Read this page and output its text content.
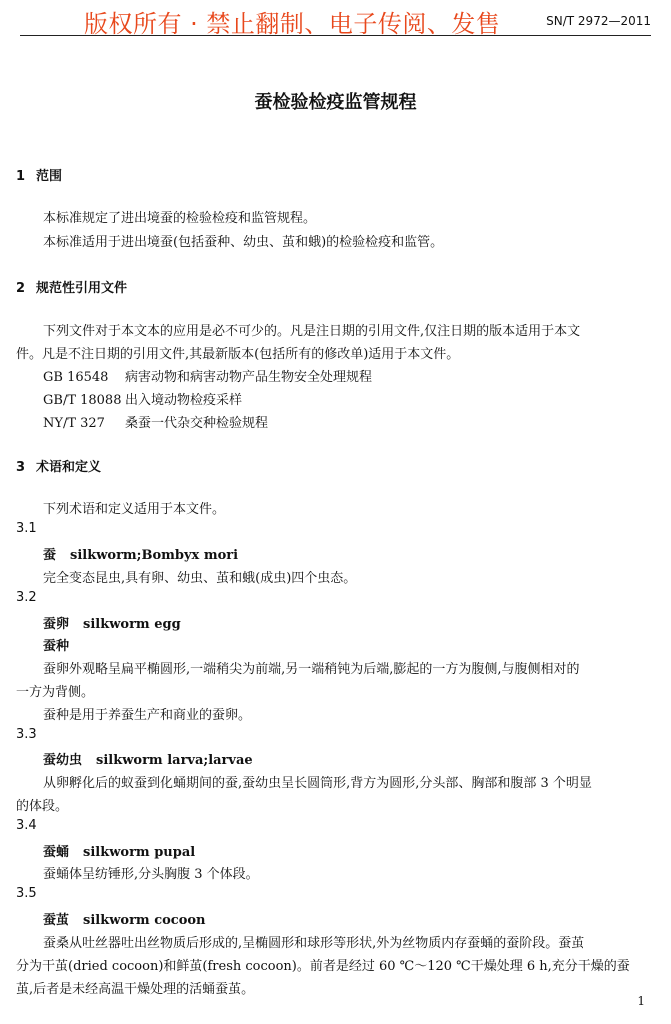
版权所有 · 禁止翻制、电子传阅、发售	SN/T 2972—2011
蚕检验检疫监管规程
1 范围
本标准规定了进出境蚕的检验检疫和监管规程。
本标准适用于进出境蚕(包括蚕种、幼虫、茧和蛾)的检验检疫和监管。
2 规范性引用文件
下列文件对于本文本的应用是必不可少的。凡是注日期的引用文件,仅注日期的版本适用于本文
件。凡是不注日期的引用文件,其最新版本(包括所有的修改单)适用于本文件。
GB 16548 病害动物和病害动物产品生物安全处理规程
GB/T 18088 出入境动物检疫采样
NY/T 327 桑蚕一代杂交种检验规程
3 术语和定义
下列术语和定义适用于本文件。
3.1
蚕 silkworm;Bombyx mori
完全变态昆虫,具有卵、幼虫、茧和蛾(成虫)四个虫态。
3.2
蚕卵 silkworm egg
蚕种
蚕卵外观略呈扁平椭圆形,一端稍尖为前端,另一端稍钝为后端,膨起的一方为腹侧,与腹侧相对的
一方为背侧。
蚕种是用于养蚕生产和商业的蚕卵。
3.3
蚕幼虫 silkworm larva;larvae
从卵孵化后的蚁蚕到化蛹期间的蚕,蚕幼虫呈长圆筒形,背方为圆形,分头部、胸部和腹部 3 个明显
的体段。
3.4
蚕蛹 silkworm pupal
蚕蛹体呈纺锤形,分头胸腹 3 个体段。
3.5
蚕茧 silkworm cocoon
蚕桑从吐丝器吐出丝物质后形成的,呈椭圆形和球形等形状,外为丝物质内存蚕蛹的蚕阶段。蚕茧
分为干茧(dried cocoon)和鲜茧(fresh cocoon)。前者是经过 60 ℃～120 ℃干燥处理 6 h,充分干燥的蚕
茧,后者是未经高温干燥处理的活蛹蚕茧。
1
